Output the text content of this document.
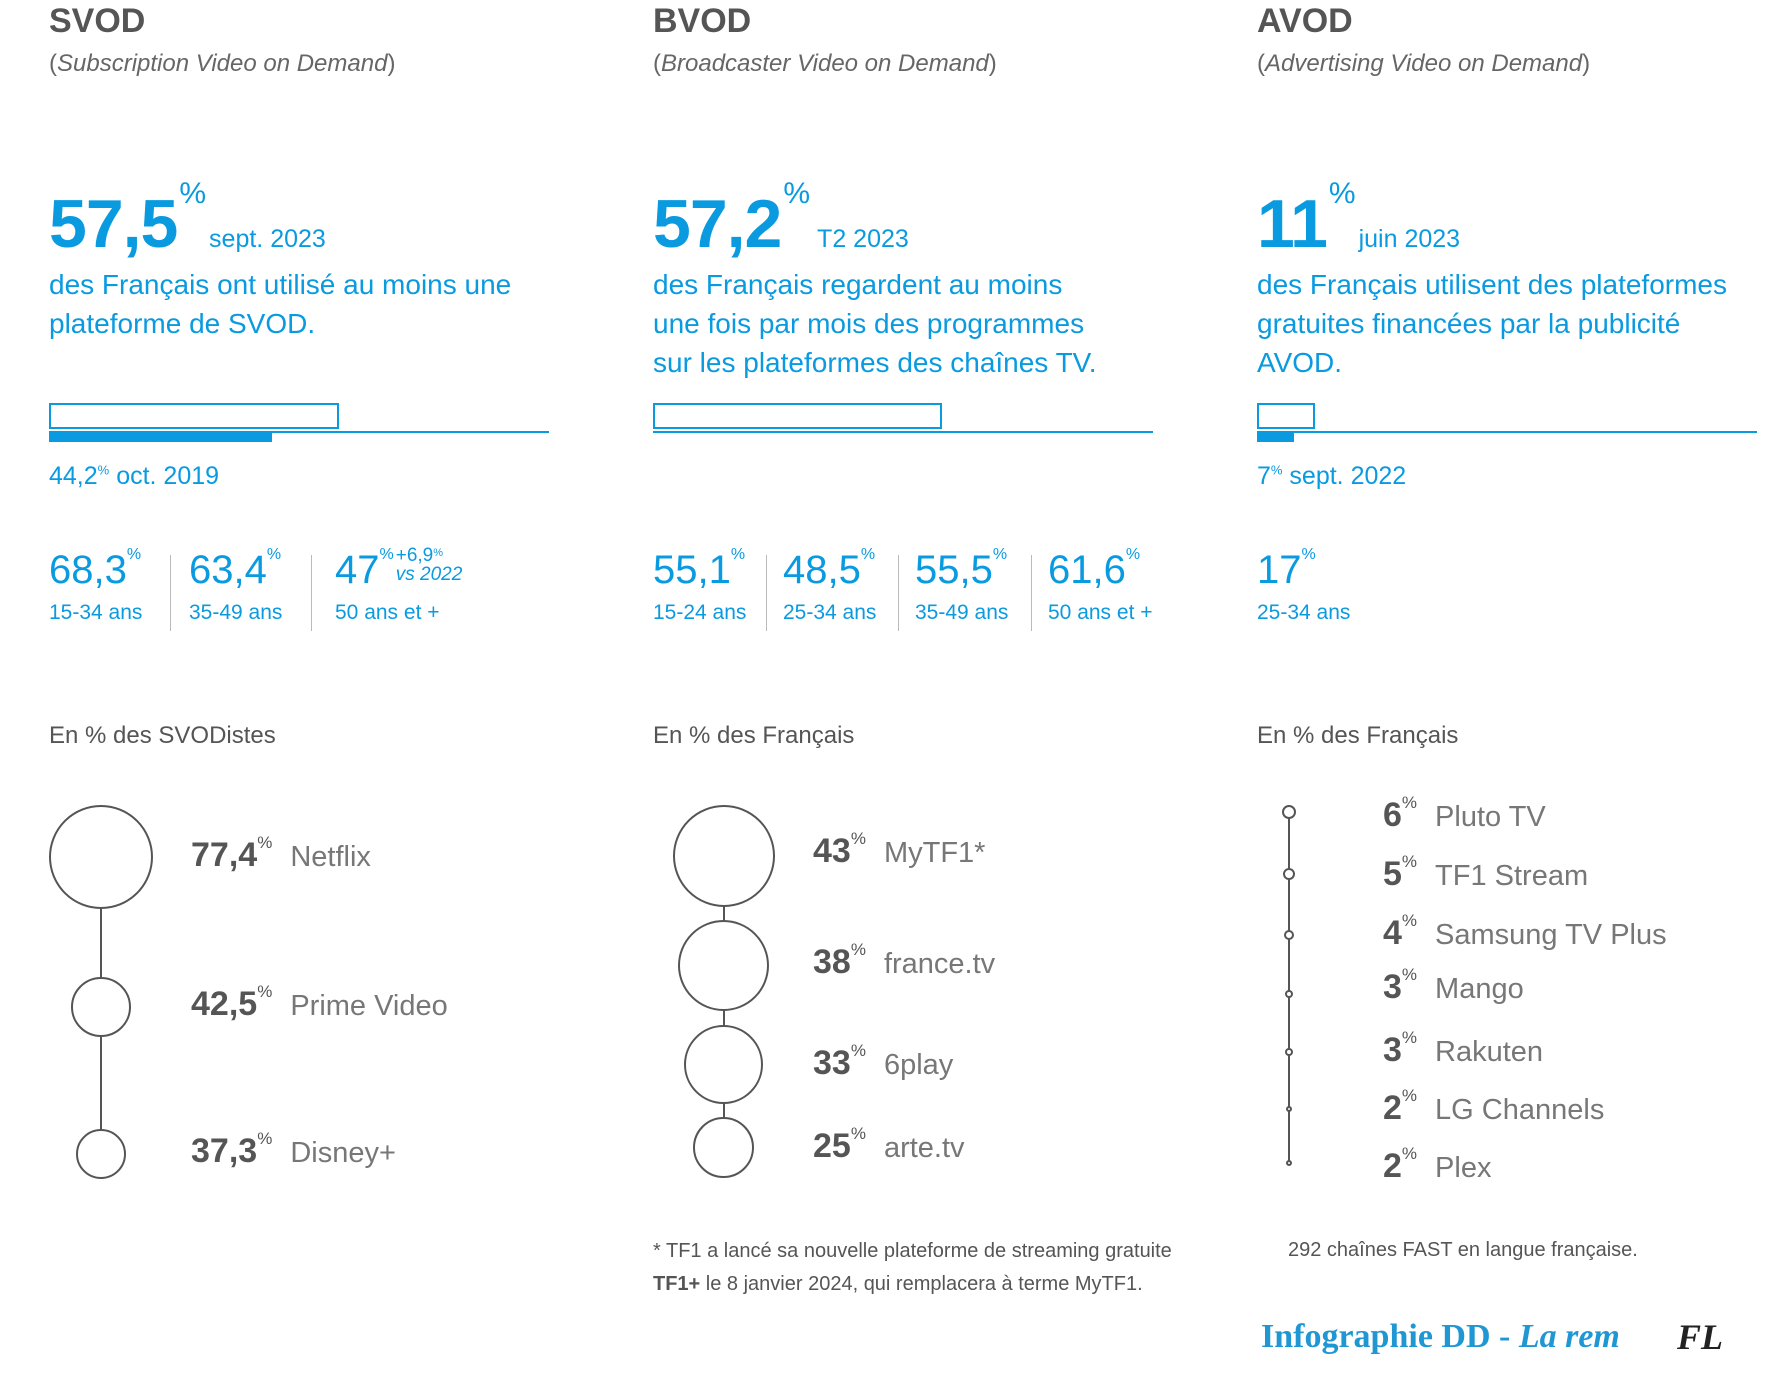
SVOD
(Subscription Video on Demand)
57,5%sept. 2023
des Français ont utilisé au moins une plateforme de SVOD.
44,2% oct. 2019
68,3%
15-34 ans
63,4%
35-49 ans
47% +6,9%
vs 2022
50 ans et +
En % des SVODistes
77,4% Netflix
42,5% Prime Video
37,3% Disney+
BVOD
(Broadcaster Video on Demand)
57,2%T2 2023
des Français regardent au moins une fois par mois des programmes sur les plateformes des chaînes TV.
55,1%
15-24 ans
48,5%
25-34 ans
55,5%
35-49 ans
61,6%
50 ans et +
En % des Français
43% MyTF1*
38% france.tv
33% 6play
25% arte.tv
* TF1 a lancé sa nouvelle plateforme de streaming gratuite TF1+ le 8 janvier 2024, qui remplacera à terme MyTF1.
AVOD
(Advertising Video on Demand)
11%juin 2023
des Français utilisent des plateformes gratuites financées par la publicité AVOD.
7% sept. 2022
17%
25-34 ans
En % des Français
6% Pluto TV
5% TF1 Stream
4% Samsung TV Plus
3% Mango
3% Rakuten
2% LG Channels
2% Plex
292 chaînes FAST en langue française.
Infographie DD - La rem FL
